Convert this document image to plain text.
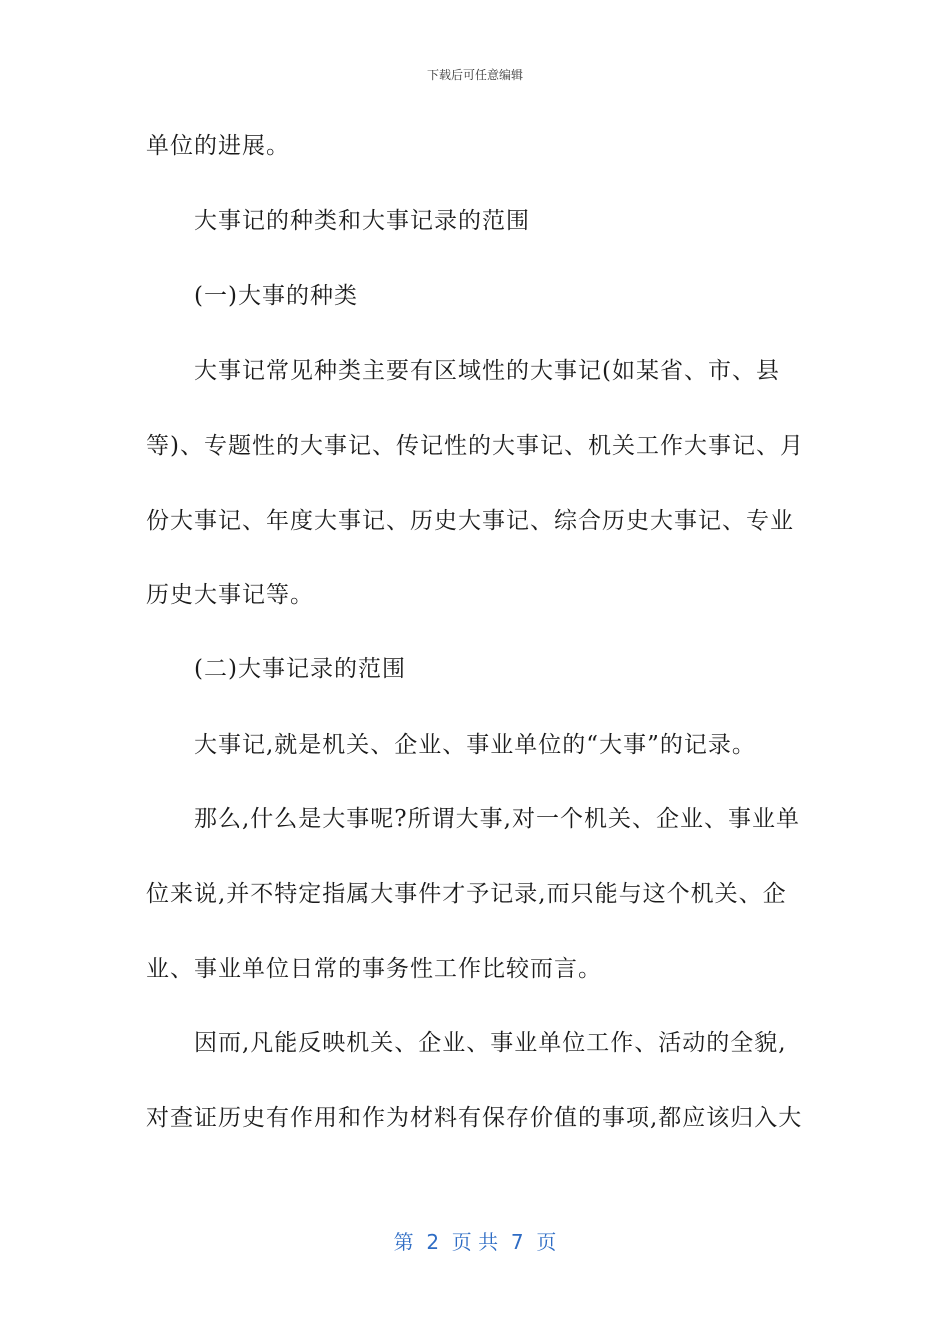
下载后可任意编辑
单位的进展。
大事记的种类和大事记录的范围
(一)大事的种类
大事记常见种类主要有区域性的大事记(如某省、市、县
等)、专题性的大事记、传记性的大事记、机关工作大事记、月
份大事记、年度大事记、历史大事记、综合历史大事记、专业
历史大事记等。
(二)大事记录的范围
大事记,就是机关、企业、事业单位的“大事”的记录。
那么,什么是大事呢?所谓大事,对一个机关、企业、事业单
位来说,并不特定指属大事件才予记录,而只能与这个机关、企
业、事业单位日常的事务性工作比较而言。
因而,凡能反映机关、企业、事业单位工作、活动的全貌,
对查证历史有作用和作为材料有保存价值的事项,都应该归入大
第  2  页 共  7  页
